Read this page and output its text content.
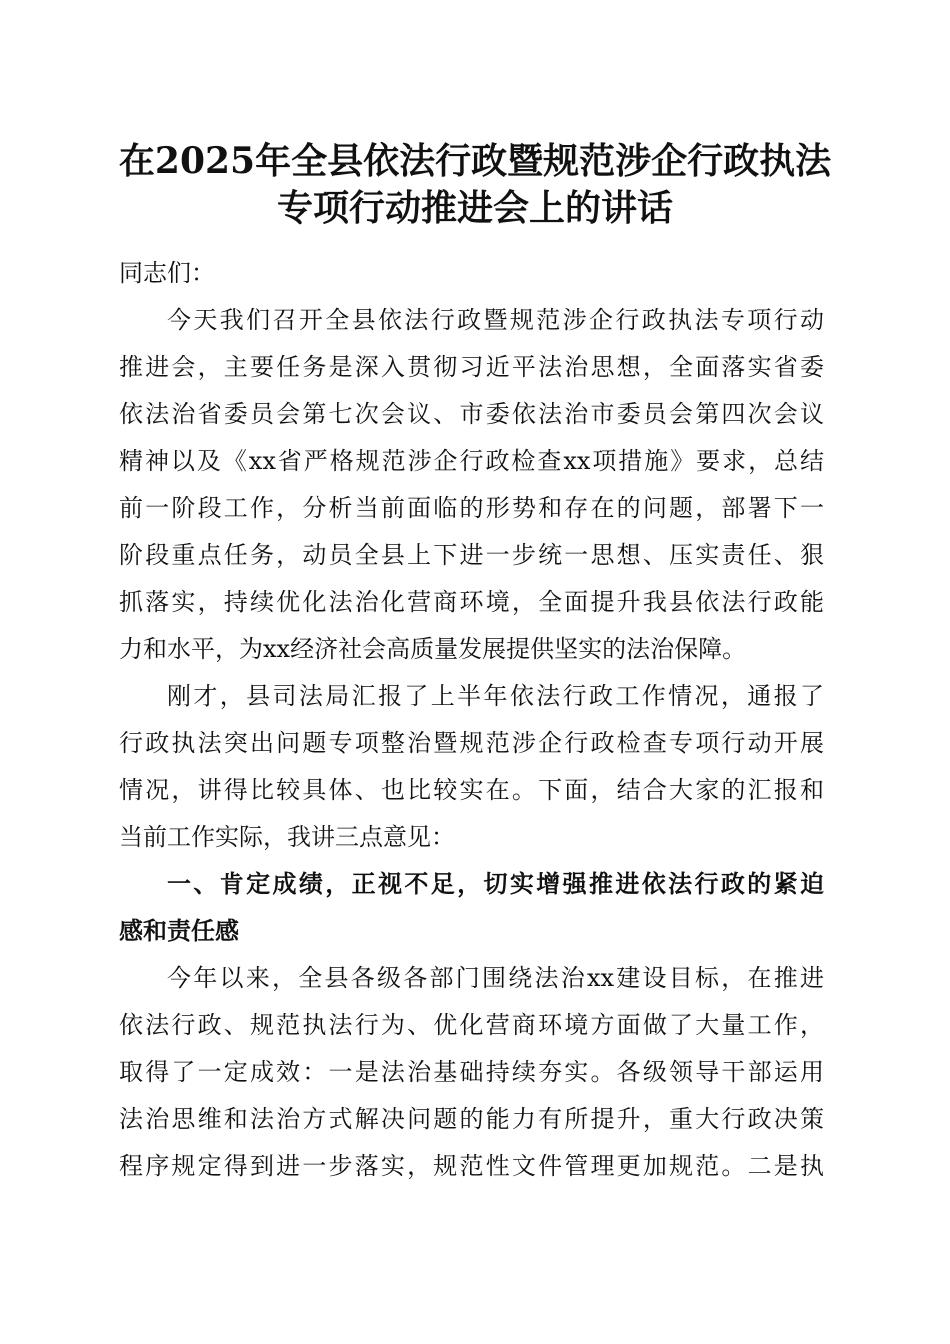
在2025年全县依法行政暨规范涉企行政执法
专项行动推进会上的讲话
同志们：
今天我们召开全县依法行政暨规范涉企行政执法专项行动
推进会，主要任务是深入贯彻习近平法治思想，全面落实省委
依法治省委员会第七次会议、市委依法治市委员会第四次会议
精神以及《xx省严格规范涉企行政检查xx项措施》要求，总结
前一阶段工作，分析当前面临的形势和存在的问题，部署下一
阶段重点任务，动员全县上下进一步统一思想、压实责任、狠
抓落实，持续优化法治化营商环境，全面提升我县依法行政能
力和水平，为xx经济社会高质量发展提供坚实的法治保障。
刚才，县司法局汇报了上半年依法行政工作情况，通报了
行政执法突出问题专项整治暨规范涉企行政检查专项行动开展
情况，讲得比较具体、也比较实在。下面，结合大家的汇报和
当前工作实际，我讲三点意见：
一、肯定成绩，正视不足，切实增强推进依法行政的紧迫
感和责任感
今年以来，全县各级各部门围绕法治xx建设目标，在推进
依法行政、规范执法行为、优化营商环境方面做了大量工作，
取得了一定成效：一是法治基础持续夯实。各级领导干部运用
法治思维和法治方式解决问题的能力有所提升，重大行政决策
程序规定得到进一步落实，规范性文件管理更加规范。二是执
